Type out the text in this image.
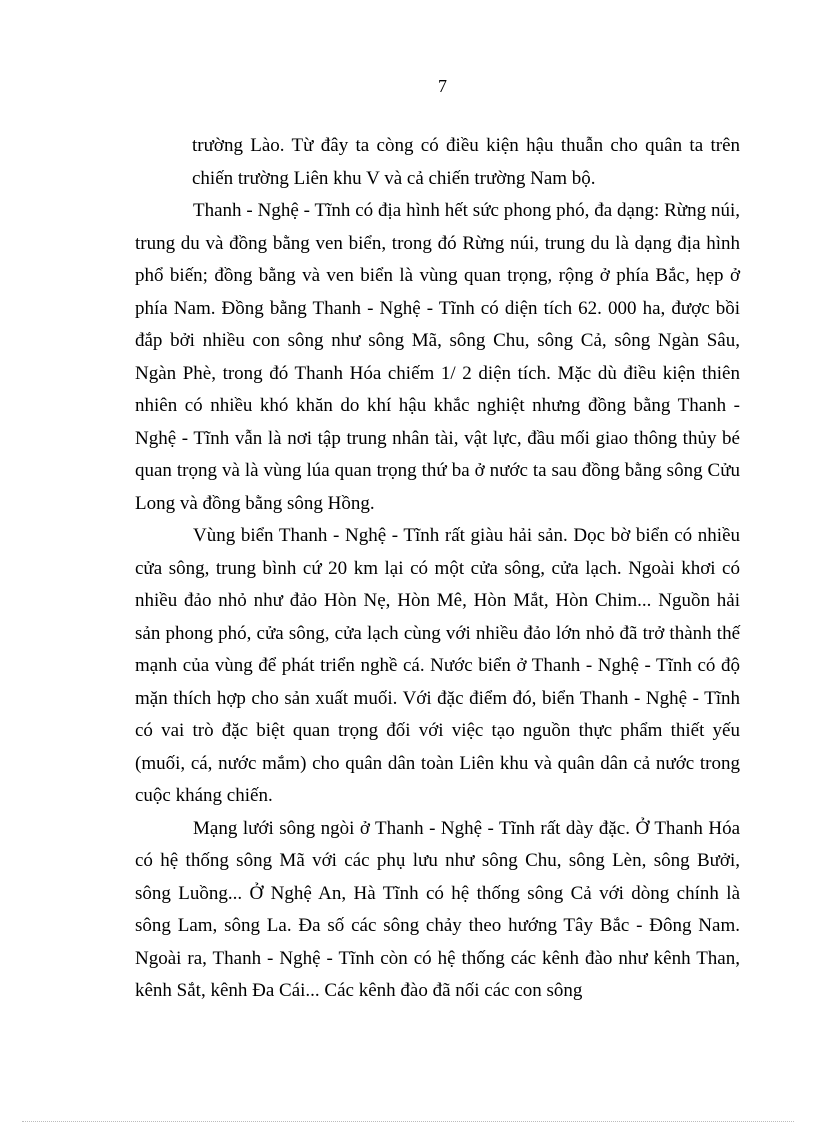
7

trường Lào. Từ đây ta còng có điều kiện hậu thuẫn cho quân ta trên chiến trường Liên khu V và cả chiến trường Nam bộ.

Thanh - Nghệ - Tĩnh có địa hình hết sức phong phó, đa dạng: Rừng núi, trung du và đồng bằng ven biển, trong đó Rừng núi, trung du là dạng địa hình phổ biến; đồng bằng và ven biển là vùng quan trọng, rộng ở phía Bắc, hẹp ở phía Nam. Đồng bằng Thanh - Nghệ - Tĩnh có diện tích 62. 000 ha, được bồi đắp bởi nhiều con sông như sông Mã, sông Chu, sông Cả, sông Ngàn Sâu, Ngàn Phè, trong đó Thanh Hóa chiếm 1/ 2 diện tích. Mặc dù điều kiện thiên nhiên có nhiều khó khăn do khí hậu khắc nghiệt nhưng đồng bằng Thanh - Nghệ - Tĩnh vẫn là nơi tập trung nhân tài, vật lực, đầu mối giao thông thủy bé quan trọng và là vùng lúa quan trọng thứ ba ở nước ta sau đồng bằng sông Cửu Long và đồng bằng sông Hồng.

Vùng biển Thanh - Nghệ - Tĩnh rất giàu hải sản. Dọc bờ biển có nhiều cửa sông, trung bình cứ 20 km lại có một cửa sông, cửa lạch. Ngoài khơi có nhiều đảo nhỏ như đảo Hòn Nẹ, Hòn Mê, Hòn Mắt, Hòn Chim... Nguồn hải sản phong phó, cửa sông, cửa lạch cùng với nhiều đảo lớn nhỏ đã trở thành thế mạnh của vùng để phát triển nghề cá. Nước biển ở Thanh - Nghệ - Tĩnh có độ mặn thích hợp cho sản xuất muối. Với đặc điểm đó, biển Thanh - Nghệ - Tĩnh có vai trò đặc biệt quan trọng đối với việc tạo nguồn thực phẩm thiết yếu (muối, cá, nước mắm) cho quân dân toàn Liên khu và quân dân cả nước trong cuộc kháng chiến.

Mạng lưới sông ngòi ở Thanh - Nghệ - Tĩnh rất dày đặc. Ở Thanh Hóa có hệ thống sông Mã với các phụ lưu như sông Chu, sông Lèn, sông Bưởi, sông Luồng... Ở Nghệ An, Hà Tĩnh có hệ thống sông Cả với dòng chính là sông Lam, sông La. Đa số các sông chảy theo hướng Tây Bắc - Đông Nam. Ngoài ra, Thanh - Nghệ - Tĩnh còn có hệ thống các kênh đào như kênh Than, kênh Sắt, kênh Đa Cái... Các kênh đào đã nối các con sông
